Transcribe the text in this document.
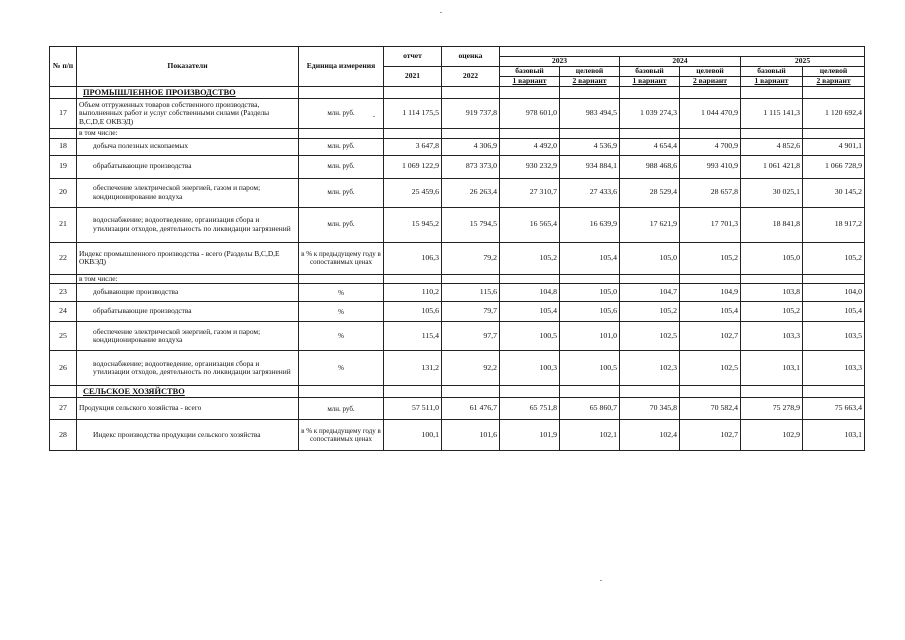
№ п/п	Показатели	Единица измерения	отчет	оценка						
					2023		2024		2025	
			2021	2022	базовый	целевой	базовый	целевой	базовый	целевой
					1 вариант	2 вариант	1 вариант	2 вариант	1 вариант	2 вариант
	ПРОМЫШЛЕННОЕ ПРОИЗВОДСТВО									
17	Объем отгруженных товаров собственного производства, выполненных работ и услуг собственными силами (Разделы B,C,D,E ОКВЭД)	млн. руб.	1 114 175,5	919 737,8	978 601,0	983 494,5	1 039 274,3	1 044 470,9	1 115 141,3	1 120 692,4
	в том числе:									
18	добыча полезных ископаемых	млн. руб.	3 647,8	4 306,9	4 492,0	4 536,9	4 654,4	4 700,9	4 852,6	4 901,1
19	обрабатывающие производства	млн. руб.	1 069 122,9	873 373,0	930 232,9	934 884,1	988 468,6	993 410,9	1 061 421,8	1 066 728,9
20	обеспечение электрической энергией, газом и паром; кондиционирование воздуха	млн. руб.	25 459,6	26 263,4	27 310,7	27 433,6	28 529,4	28 657,8	30 025,1	30 145,2
21	водоснабжение; водоотведение, организация сбора и утилизации отходов, деятельность по ликвидации загрязнений	млн. руб.	15 945,2	15 794,5	16 565,4	16 639,9	17 621,9	17 701,3	18 841,8	18 917,2
22	Индекс промышленного производства - всего (Разделы B,C,D,E ОКВЭД)	в % к предыдущему году в сопоставимых ценах	106,3	79,2	105,2	105,4	105,0	105,2	105,0	105,2
	в том числе:									
23	добывающие производства	%	110,2	115,6	104,8	105,0	104,7	104,9	103,8	104,0
24	обрабатывающие производства	%	105,6	79,7	105,4	105,6	105,2	105,4	105,2	105,4
25	обеспечение электрической энергией, газом и паром; кондиционирование воздуха	%	115,4	97,7	100,5	101,0	102,5	102,7	103,3	103,5
26	водоснабжение; водоотведение, организация сбора и утилизации отходов, деятельность по ликвидации загрязнений	%	131,2	92,2	100,3	100,5	102,3	102,5	103,1	103,3
	СЕЛЬСКОЕ ХОЗЯЙСТВО									
27	Продукция сельского хозяйства - всего	млн. руб.	57 511,0	61 476,7	65 751,8	65 860,7	70 345,8	70 582,4	75 278,9	75 663,4
28	Индекс производства продукции сельского хозяйства	в % к предыдущему году в сопоставимых ценах	100,1	101,6	101,9	102,1	102,4	102,7	102,9	103,1
